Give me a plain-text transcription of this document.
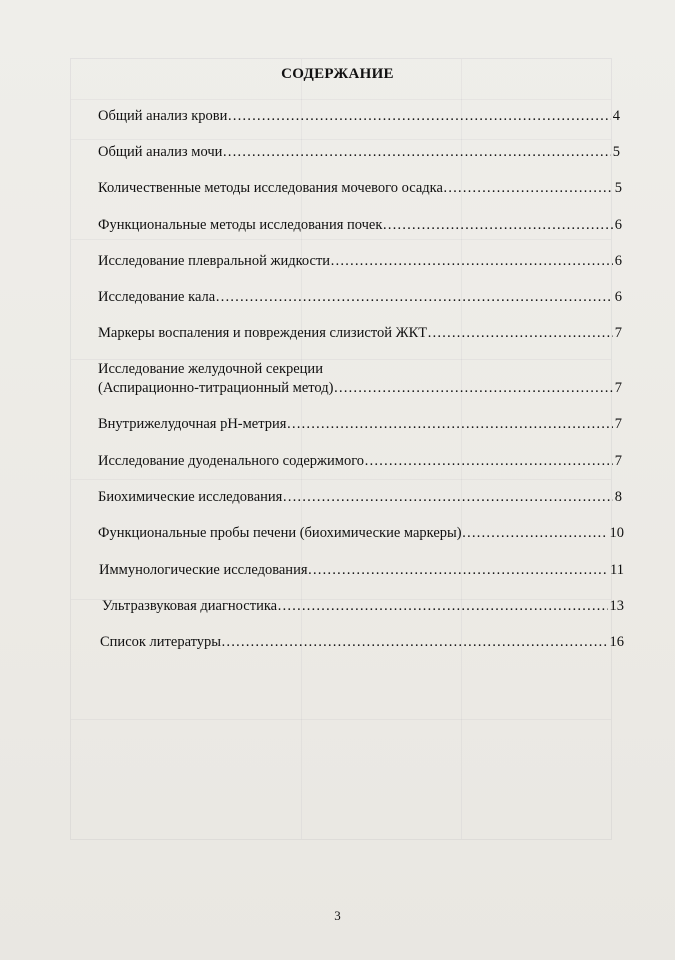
СОДЕРЖАНИЕ
Общий анализ крови …………………………………………………………………………………………………………………………………………………………………………………………	4
Общий анализ мочи …………………………………………………………………………………………………………………………………………………………………………………………	5
Количественные методы исследования мочевого осадка …………………………………………………………………………………………………………………………………………………………………………………………	5
Функциональные методы исследования почек …………………………………………………………………………………………………………………………………………………………………………………………	6
Исследование плевральной жидкости …………………………………………………………………………………………………………………………………………………………………………………………	6
Исследование кала …………………………………………………………………………………………………………………………………………………………………………………………	6
Маркеры воспаления и повреждения слизистой ЖКТ …………………………………………………………………………………………………………………………………………………………………………………………	7
Исследование желудочной секреции
(Аспирационно-титрационный метод) …………………………………………………………………………………………………………………………………………………………………………………………	7
Внутрижелудочная pH-метрия …………………………………………………………………………………………………………………………………………………………………………………………	7
Исследование дуоденального содержимого …………………………………………………………………………………………………………………………………………………………………………………………	7
Биохимические исследования …………………………………………………………………………………………………………………………………………………………………………………………	8
Функциональные пробы печени (биохимические маркеры) …………………………………………………………………………………………………………………………………………………………………………………………	10
Иммунологические исследования …………………………………………………………………………………………………………………………………………………………………………………………	11
Ультразвуковая диагностика …………………………………………………………………………………………………………………………………………………………………………………………	13
Список литературы …………………………………………………………………………………………………………………………………………………………………………………………	16
3
